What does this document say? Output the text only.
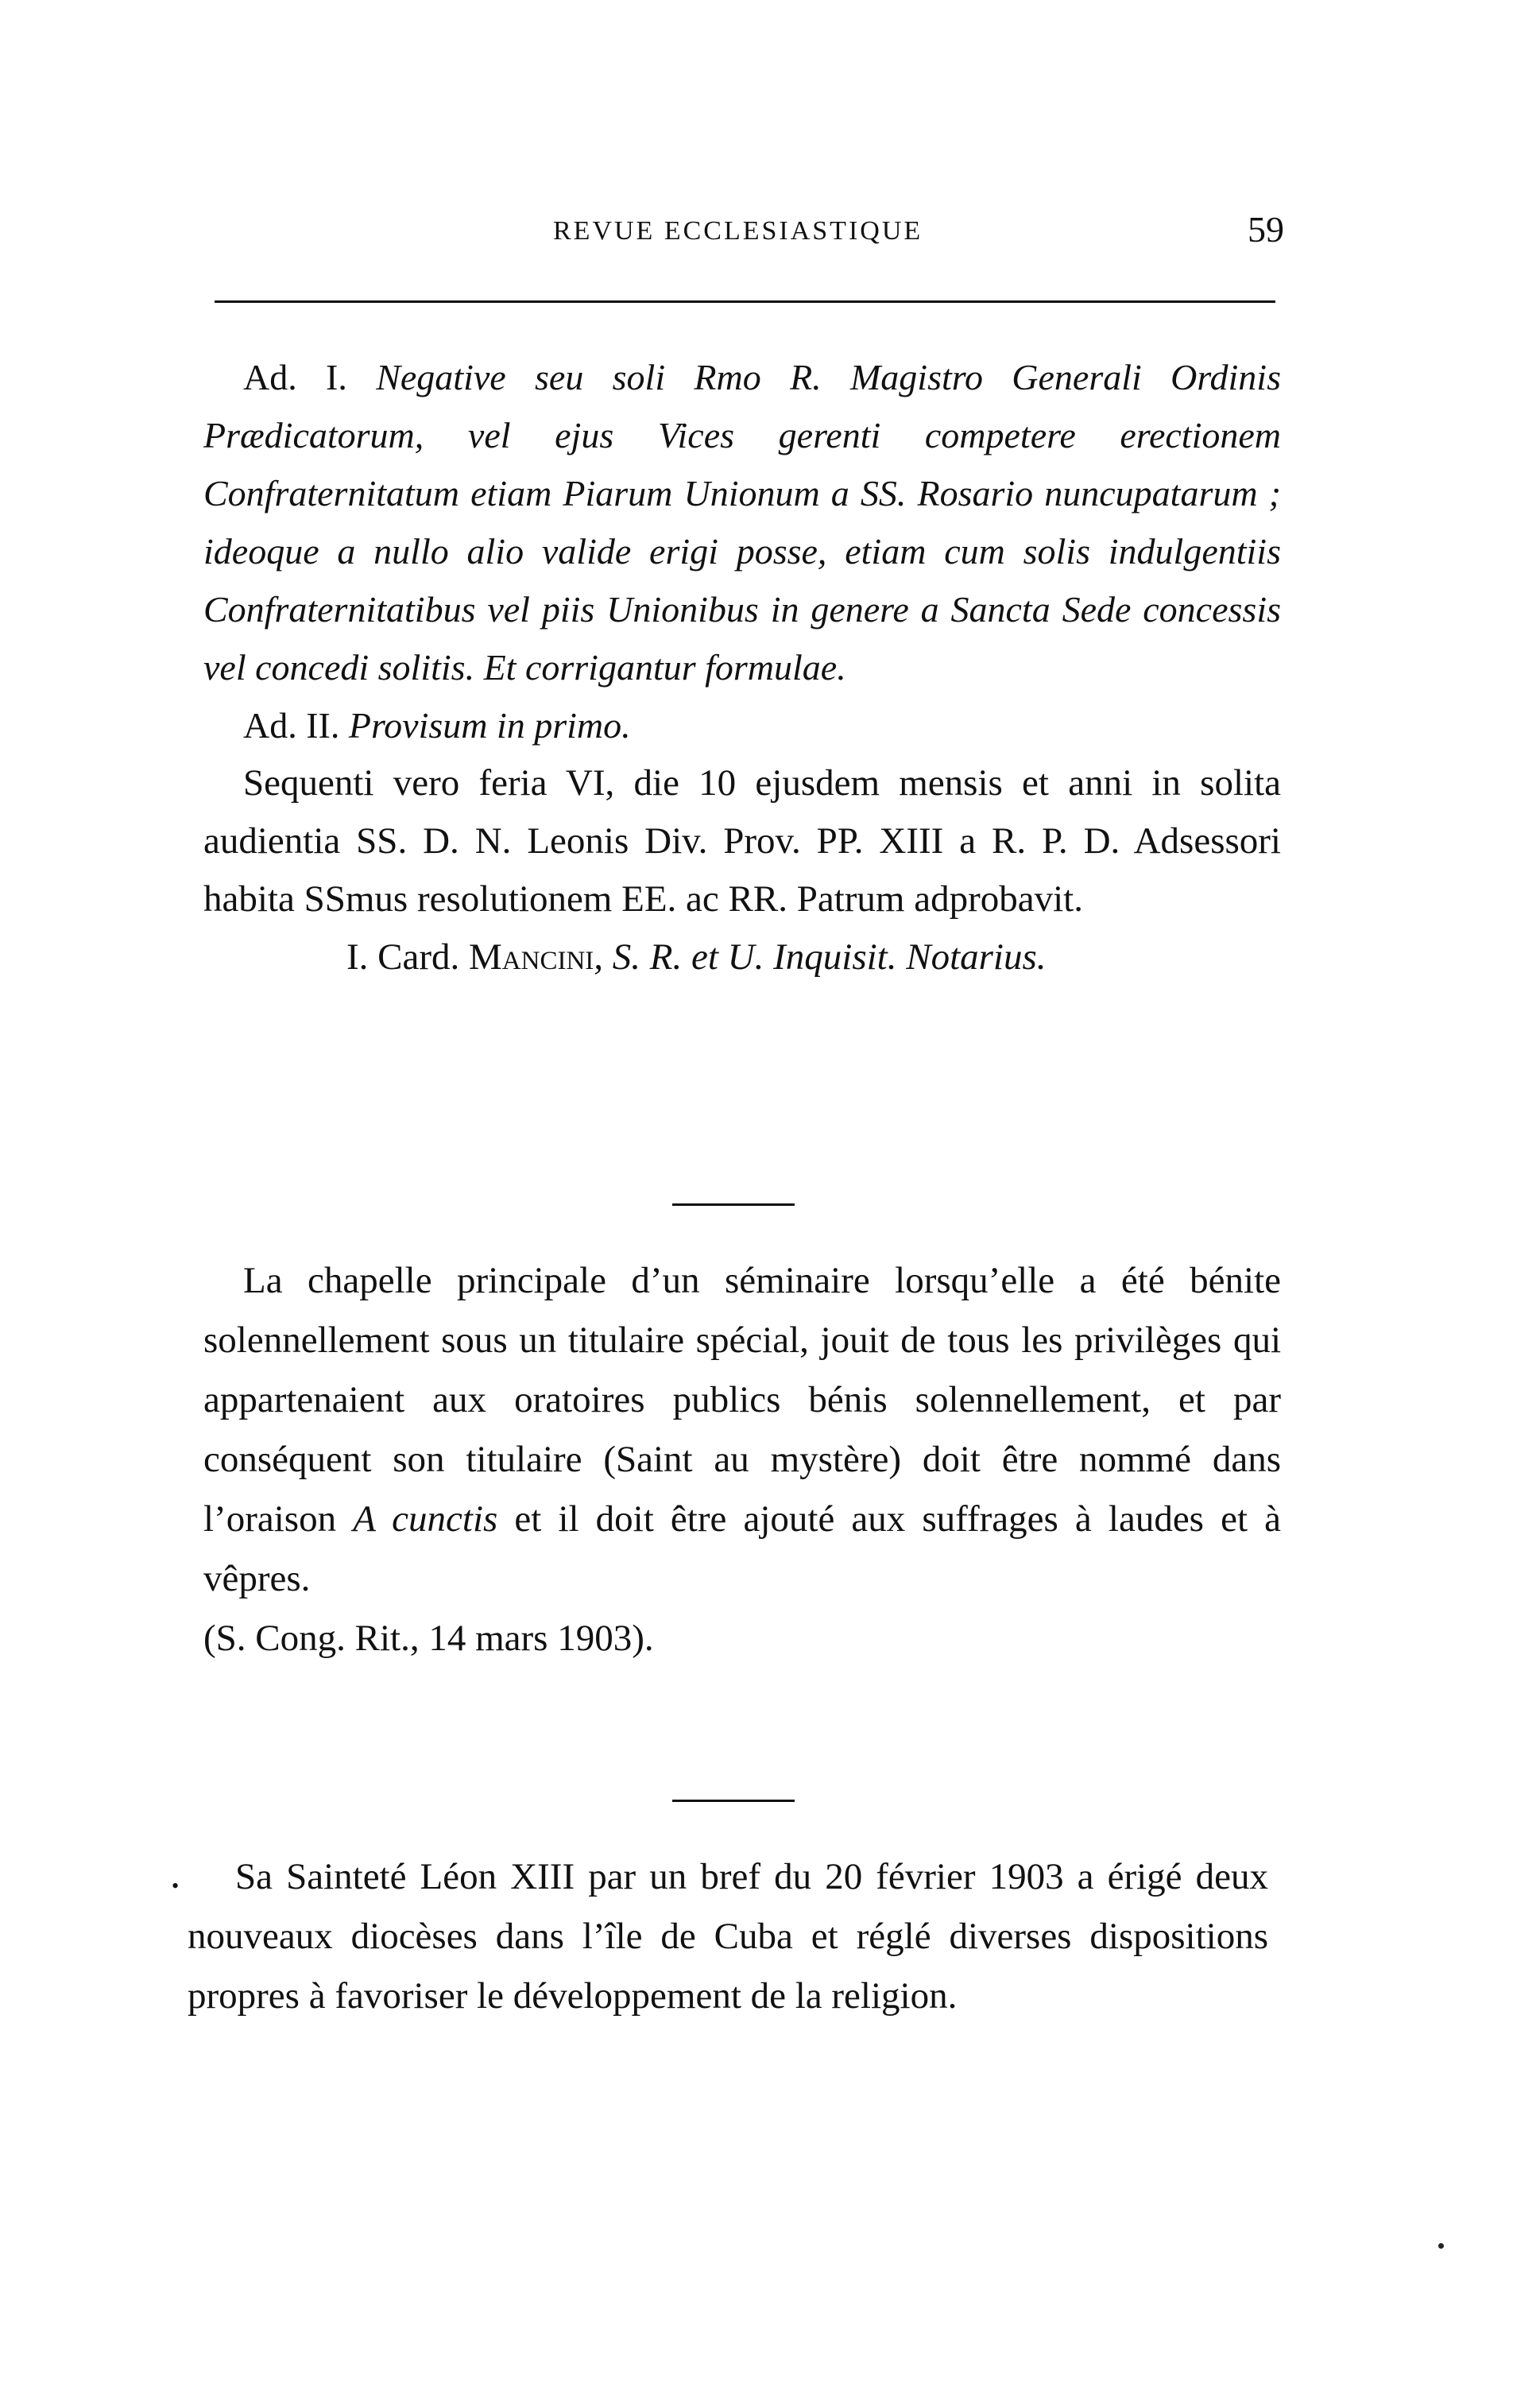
REVUE ECCLESIASTIQUE	59

Ad. I. Negative seu soli Rmo R. Magistro Generali Ordinis Prædicatorum, vel ejus Vices gerenti competere erectionem Confraternitatum etiam Piarum Unionum a SS. Rosario nuncupatarum ; ideoque a nullo alio valide erigi posse, etiam cum solis indulgentiis Confraternitatibus vel piis Unionibus in genere a Sancta Sede concessis vel concedi solitis. Et corrigantur formulae.

Ad. II. Provisum in primo.

Sequenti vero feria VI, die 10 ejusdem mensis et anni in solita audientia SS. D. N. Leonis Div. Prov. PP. XIII a R. P. D. Adsessori habita SSmus resolutionem EE. ac RR. Patrum adprobavit.

I. Card. Mancini, S. R. et U. Inquisit. Notarius.

La chapelle principale d’un séminaire lorsqu’elle a été bénite solennellement sous un titulaire spécial, jouit de tous les privilèges qui appartenaient aux oratoires publics bénis solennellement, et par conséquent son titulaire (Saint au mystère) doit être nommé dans l’oraison A cunctis et il doit être ajouté aux suffrages à laudes et à vêpres.

(S. Cong. Rit., 14 mars 1903).

•	Sa Sainteté Léon XIII par un bref du 20 février 1903 a érigé deux nouveaux diocèses dans l’île de Cuba et réglé diverses dispositions propres à favoriser le développement de la religion.
